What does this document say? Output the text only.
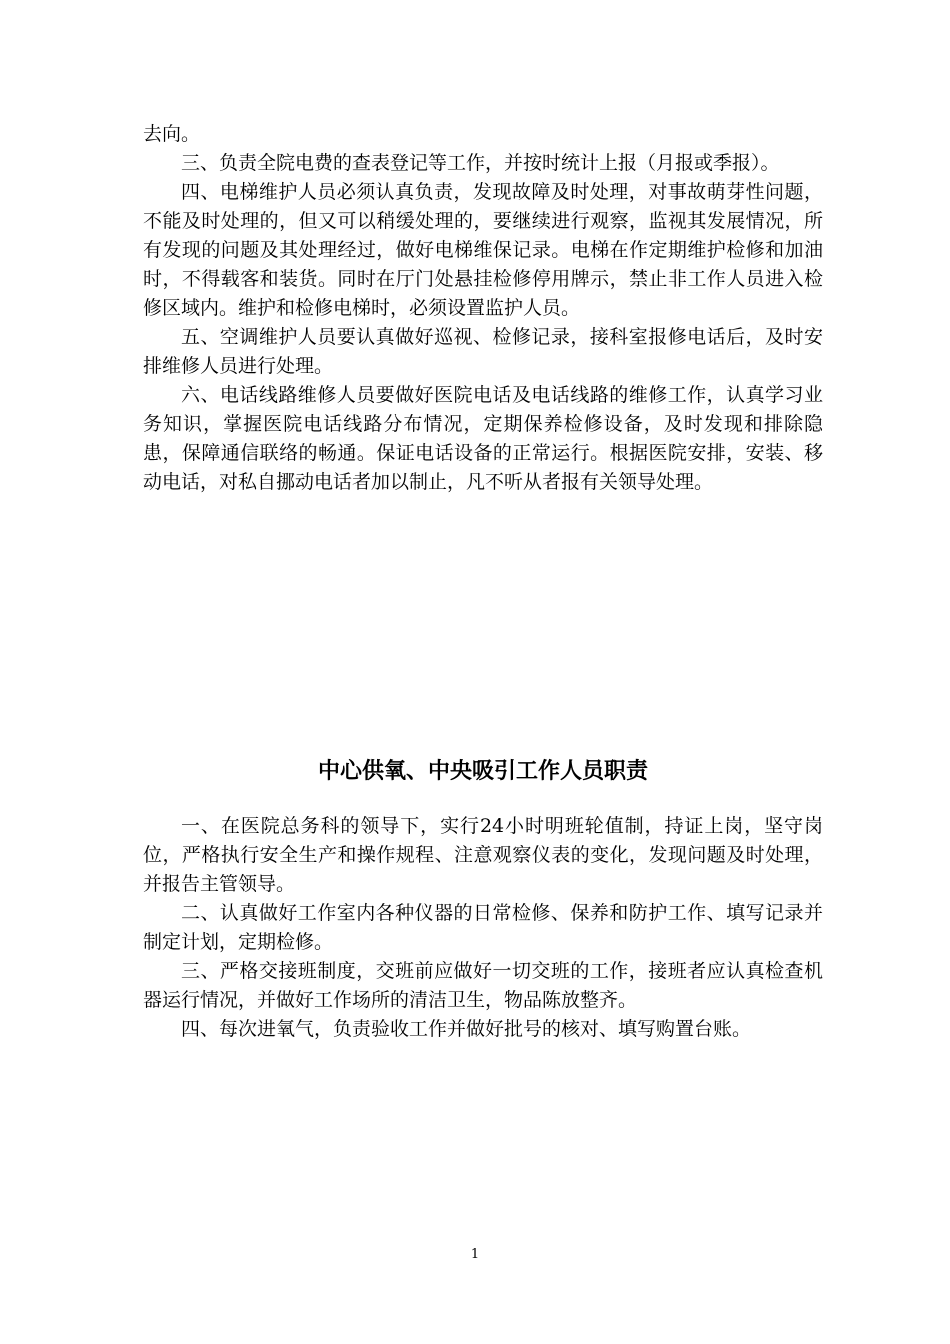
去向。

三、负责全院电费的查表登记等工作，并按时统计上报（月报或季报）。

四、电梯维护人员必须认真负责，发现故障及时处理，对事故萌芽性问题，不能及时处理的，但又可以稍缓处理的，要继续进行观察，监视其发展情况，所有发现的问题及其处理经过，做好电梯维保记录。电梯在作定期维护检修和加油时，不得载客和装货。同时在厅门处悬挂检修停用牌示，禁止非工作人员进入检修区域内。维护和检修电梯时，必须设置监护人员。

五、空调维护人员要认真做好巡视、检修记录，接科室报修电话后，及时安排维修人员进行处理。

六、电话线路维修人员要做好医院电话及电话线路的维修工作，认真学习业务知识，掌握医院电话线路分布情况，定期保养检修设备，及时发现和排除隐患，保障通信联络的畅通。保证电话设备的正常运行。根据医院安排，安装、移动电话，对私自挪动电话者加以制止，凡不听从者报有关领导处理。

中心供氧、中央吸引工作人员职责

一、在医院总务科的领导下，实行24小时明班轮值制，持证上岗，坚守岗位，严格执行安全生产和操作规程、注意观察仪表的变化，发现问题及时处理，并报告主管领导。

二、认真做好工作室内各种仪器的日常检修、保养和防护工作、填写记录并制定计划，定期检修。

三、严格交接班制度，交班前应做好一切交班的工作，接班者应认真检查机器运行情况，并做好工作场所的清洁卫生，物品陈放整齐。

四、每次进氧气，负责验收工作并做好批号的核对、填写购置台账。

1
